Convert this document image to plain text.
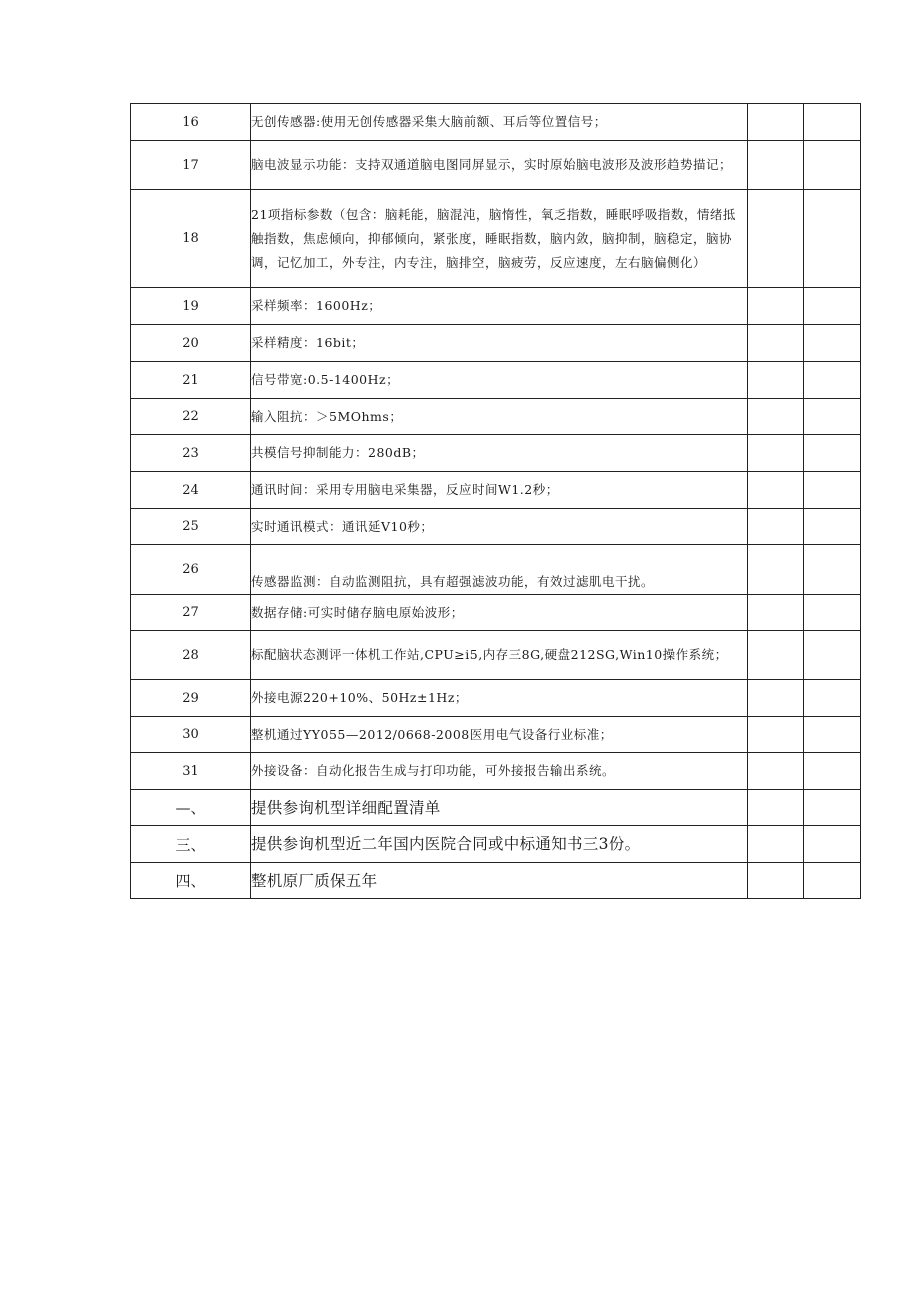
16	无创传感器:使用无创传感器采集大脑前额、耳后等位置信号；		
17	脑电波显示功能：支持双通道脑电图同屏显示，实时原始脑电波形及波形趋势描记；		
18	21项指标参数（包含：脑耗能，脑混沌，脑惰性，氧乏指数，睡眠呼吸指数，情绪抵触指数，焦虑倾向，抑郁倾向，紧张度，睡眠指数，脑内敛，脑抑制，脑稳定，脑协调，记忆加工，外专注，内专注，脑排空，脑疲劳，反应速度，左右脑偏侧化）		
19	采样频率：1600Hz；		
20	采样精度：16bit；		
21	信号带宽:0.5-1400Hz；		
22	输入阻抗：＞5MOhms；		
23	共模信号抑制能力：280dB；		
24	通讯时间：采用专用脑电采集器，反应时间W1.2秒；		
25	实时通讯模式：通讯延V10秒；		
26	传感器监测：自动监测阻抗，具有超强滤波功能，有效过滤肌电干扰。		
27	数据存储:可实时储存脑电原始波形；		
28	标配脑状态测评一体机工作站,CPU≥i5,内存三8G,硬盘212SG,Win10操作系统；		
29	外接电源220+10%、50Hz±1Hz；		
30	整机通过YY055—2012/0668-2008医用电气设备行业标准；		
31	外接设备：自动化报告生成与打印功能，可外接报告输出系统。		
—、	提供参询机型详细配置清单		
三、	提供参询机型近二年国内医院合同或中标通知书三3份。		
四、	整机原厂质保五年		
